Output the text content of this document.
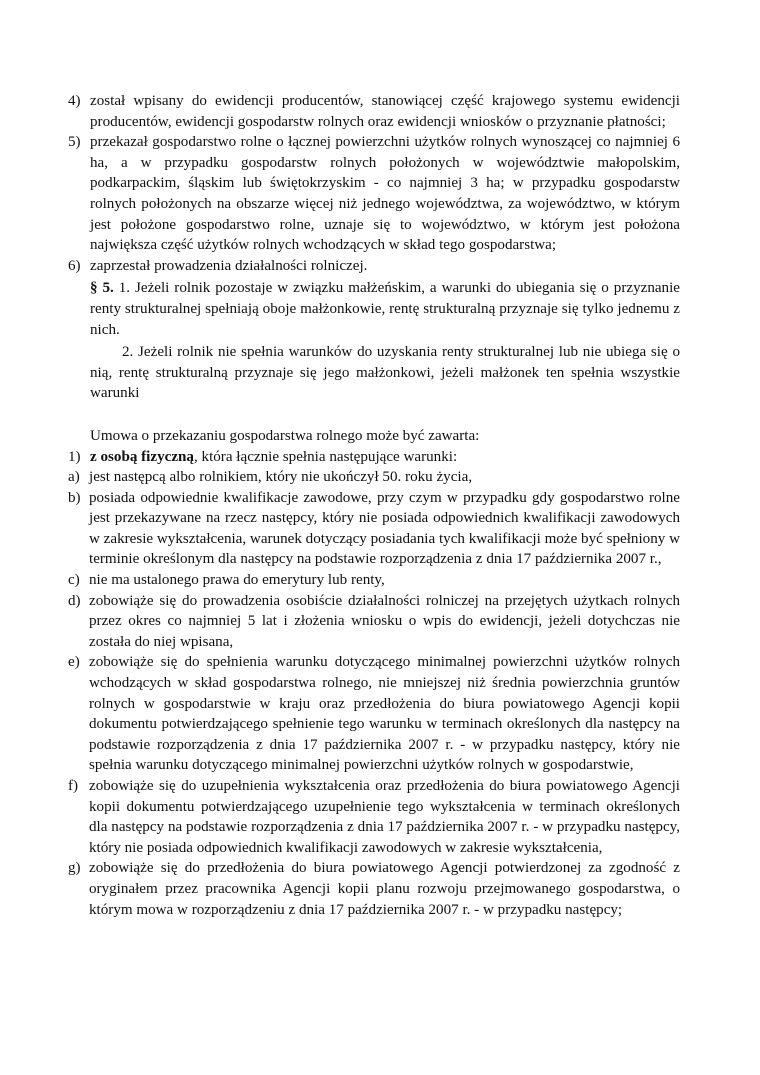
4) został wpisany do ewidencji producentów, stanowiącej część krajowego systemu ewidencji producentów, ewidencji gospodarstw rolnych oraz ewidencji wniosków o przyznanie płatności;
5) przekazał gospodarstwo rolne o łącznej powierzchni użytków rolnych wynoszącej co najmniej 6 ha, a w przypadku gospodarstw rolnych położonych w województwie małopolskim, podkarpackim, śląskim lub świętokrzyskim - co najmniej 3 ha; w przypadku gospodarstw rolnych położonych na obszarze więcej niż jednego województwa, za województwo, w którym jest położone gospodarstwo rolne, uznaje się to województwo, w którym jest położona największa część użytków rolnych wchodzących w skład tego gospodarstwa;
6) zaprzestał prowadzenia działalności rolniczej.
§ 5. 1. Jeżeli rolnik pozostaje w związku małżeńskim, a warunki do ubiegania się o przyznanie renty strukturalnej spełniają oboje małżonkowie, rentę strukturalną przyznaje się tylko jednemu z nich.
2. Jeżeli rolnik nie spełnia warunków do uzyskania renty strukturalnej lub nie ubiega się o nią, rentę strukturalną przyznaje się jego małżonkowi, jeżeli małżonek ten spełnia wszystkie warunki
Umowa o przekazaniu gospodarstwa rolnego może być zawarta:
1) z osobą fizyczną, która łącznie spełnia następujące warunki:
a) jest następcą albo rolnikiem, który nie ukończył 50. roku życia,
b) posiada odpowiednie kwalifikacje zawodowe, przy czym w przypadku gdy gospodarstwo rolne jest przekazywane na rzecz następcy, który nie posiada odpowiednich kwalifikacji zawodowych w zakresie wykształcenia, warunek dotyczący posiadania tych kwalifikacji może być spełniony w terminie określonym dla następcy na podstawie rozporządzenia z dnia 17 października 2007 r.,
c) nie ma ustalonego prawa do emerytury lub renty,
d) zobowiąże się do prowadzenia osobiście działalności rolniczej na przejętych użytkach rolnych przez okres co najmniej 5 lat i złożenia wniosku o wpis do ewidencji, jeżeli dotychczas nie została do niej wpisana,
e) zobowiąże się do spełnienia warunku dotyczącego minimalnej powierzchni użytków rolnych wchodzących w skład gospodarstwa rolnego, nie mniejszej niż średnia powierzchnia gruntów rolnych w gospodarstwie w kraju oraz przedłożenia do biura powiatowego Agencji kopii dokumentu potwierdzającego spełnienie tego warunku w terminach określonych dla następcy na podstawie rozporządzenia z dnia 17 października 2007 r. - w przypadku następcy, który nie spełnia warunku dotyczącego minimalnej powierzchni użytków rolnych w gospodarstwie,
f) zobowiąże się do uzupełnienia wykształcenia oraz przedłożenia do biura powiatowego Agencji kopii dokumentu potwierdzającego uzupełnienie tego wykształcenia w terminach określonych dla następcy na podstawie rozporządzenia z dnia 17 października 2007 r. - w przypadku następcy, który nie posiada odpowiednich kwalifikacji zawodowych w zakresie wykształcenia,
g) zobowiąże się do przedłożenia do biura powiatowego Agencji potwierdzonej za zgodność z oryginałem przez pracownika Agencji kopii planu rozwoju przejmowanego gospodarstwa, o którym mowa w rozporządzeniu z dnia 17 października 2007 r. - w przypadku następcy;
